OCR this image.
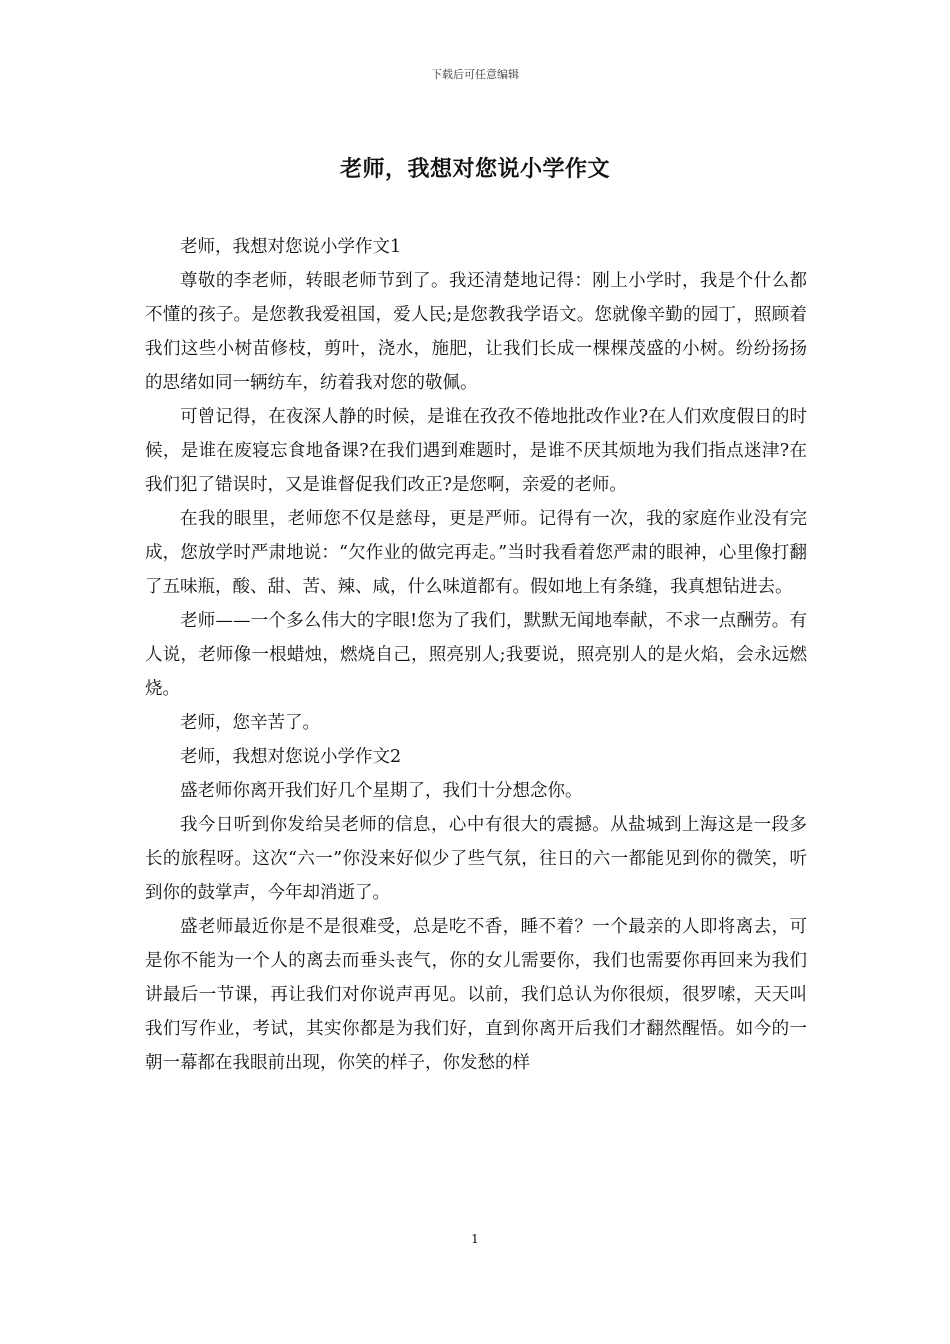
下载后可任意编辑
老师，我想对您说小学作文

老师，我想对您说小学作文1

尊敬的李老师，转眼老师节到了。我还清楚地记得：刚上小学时，我是个什么都不懂的孩子。是您教我爱祖国，爱人民;是您教我学语文。您就像辛勤的园丁，照顾着我们这些小树苗修枝，剪叶，浇水，施肥，让我们长成一棵棵茂盛的小树。纷纷扬扬的思绪如同一辆纺车，纺着我对您的敬佩。

可曾记得，在夜深人静的时候，是谁在孜孜不倦地批改作业?在人们欢度假日的时候，是谁在废寝忘食地备课?在我们遇到难题时，是谁不厌其烦地为我们指点迷津?在我们犯了错误时，又是谁督促我们改正?是您啊，亲爱的老师。

在我的眼里，老师您不仅是慈母，更是严师。记得有一次，我的家庭作业没有完成，您放学时严肃地说：“欠作业的做完再走。”当时我看着您严肃的眼神，心里像打翻了五味瓶，酸、甜、苦、辣、咸，什么味道都有。假如地上有条缝，我真想钻进去。

老师——一个多么伟大的字眼!您为了我们，默默无闻地奉献，不求一点酬劳。有人说，老师像一根蜡烛，燃烧自己，照亮别人;我要说，照亮别人的是火焰，会永远燃烧。

老师，您辛苦了。

老师，我想对您说小学作文2

盛老师你离开我们好几个星期了，我们十分想念你。

我今日听到你发给吴老师的信息，心中有很大的震撼。从盐城到上海这是一段多长的旅程呀。这次“六一”你没来好似少了些气氛，往日的六一都能见到你的微笑，听到你的鼓掌声，今年却消逝了。

盛老师最近你是不是很难受，总是吃不香，睡不着？一个最亲的人即将离去，可是你不能为一个人的离去而垂头丧气，你的女儿需要你，我们也需要你再回来为我们讲最后一节课，再让我们对你说声再见。以前，我们总认为你很烦，很罗嗦，天天叫我们写作业，考试，其实你都是为我们好，直到你离开后我们才翻然醒悟。如今的一朝一幕都在我眼前出现，你笑的样子，你发愁的样

1
